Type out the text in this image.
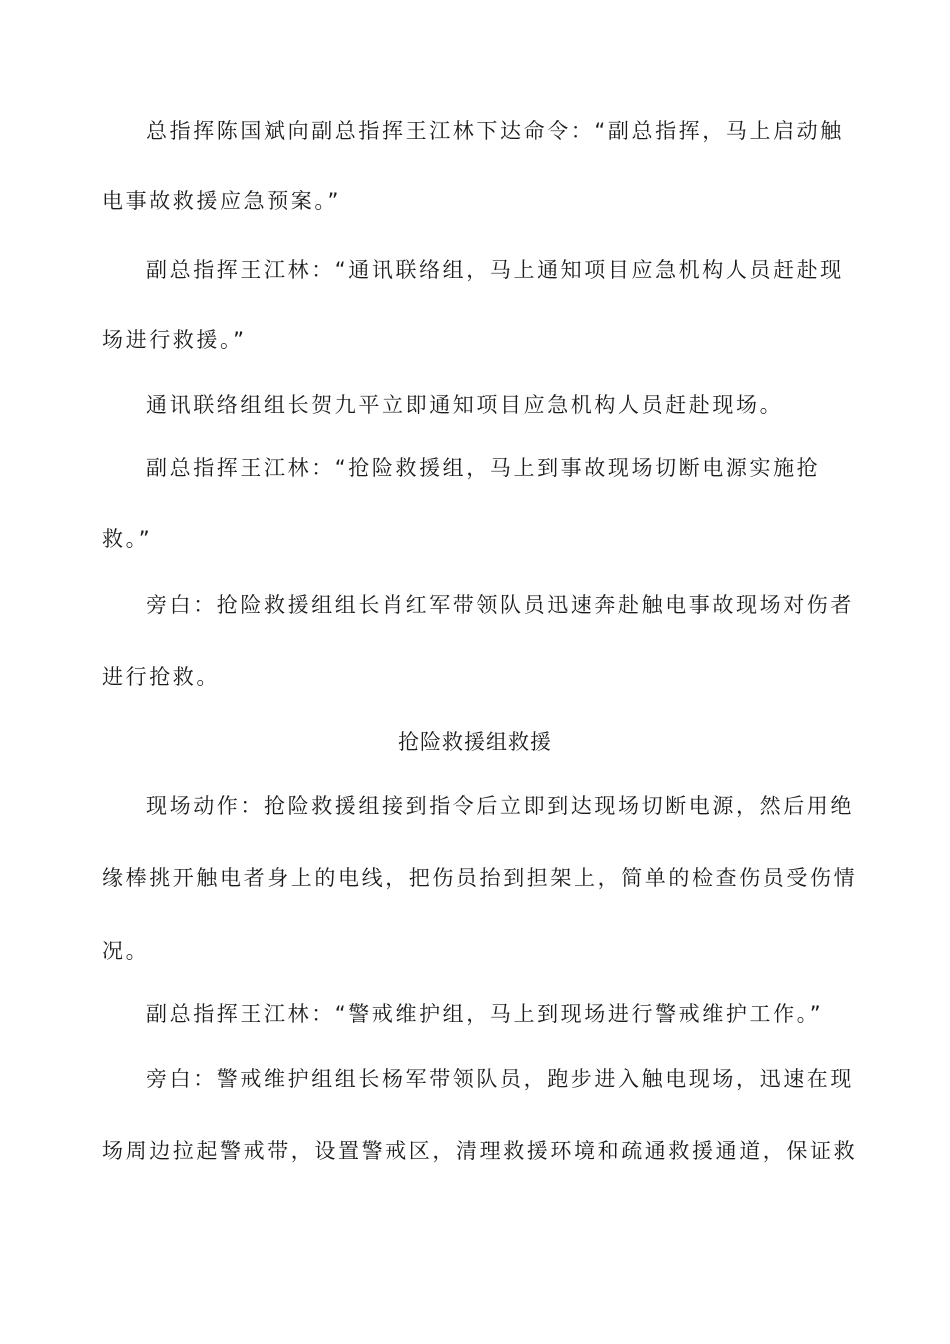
总指挥陈国斌向副总指挥王江林下达命令：“副总指挥，马上启动触
电事故救援应急预案。”
副总指挥王江林：“通讯联络组，马上通知项目应急机构人员赶赴现
场进行救援。”
通讯联络组组长贺九平立即通知项目应急机构人员赶赴现场。
副总指挥王江林：“抢险救援组，马上到事故现场切断电源实施抢
救。”
旁白：抢险救援组组长肖红军带领队员迅速奔赴触电事故现场对伤者
进行抢救。
抢险救援组救援
现场动作：抢险救援组接到指令后立即到达现场切断电源，然后用绝
缘棒挑开触电者身上的电线，把伤员抬到担架上，简单的检查伤员受伤情
况。
副总指挥王江林：“警戒维护组，马上到现场进行警戒维护工作。”
旁白：警戒维护组组长杨军带领队员，跑步进入触电现场，迅速在现
场周边拉起警戒带，设置警戒区，清理救援环境和疏通救援通道，保证救
